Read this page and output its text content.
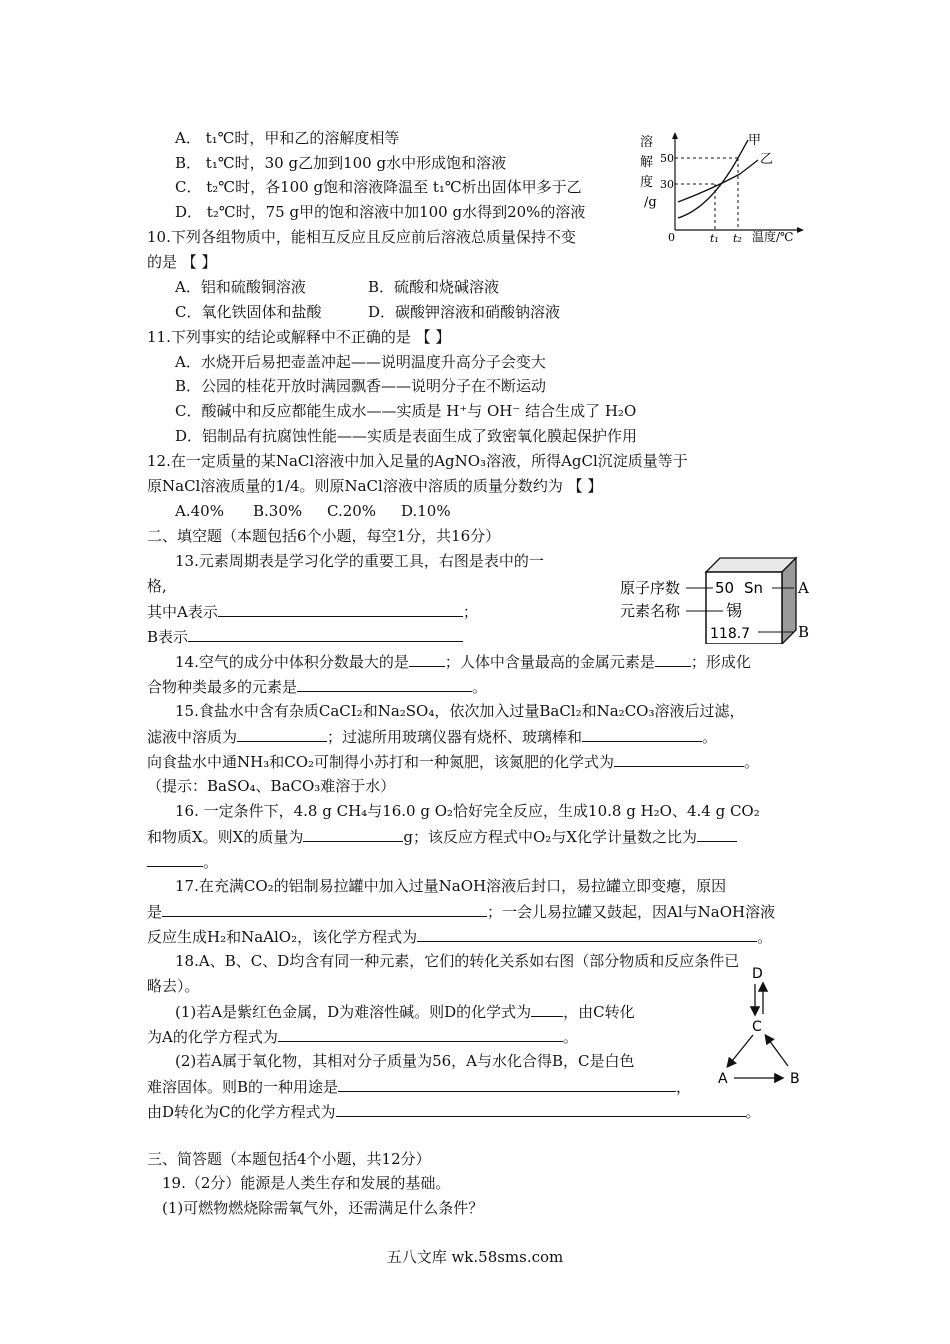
A． t₁℃时，甲和乙的溶解度相等
B． t₁℃时，30 g乙加到100 g水中形成饱和溶液
C． t₂℃时，各100 g饱和溶液降温至 t₁℃析出固体甲多于乙
D． t₂℃时，75 g甲的饱和溶液中加100 g水得到20%的溶液
溶
解
度
/g
50
30
0	t₁ t₂ 温度/℃
甲
乙
10.下列各组物质中，能相互反应且反应前后溶液总质量保持不变
的是 【 】
A．铝和硫酸铜溶液	B．硫酸和烧碱溶液
C．氧化铁固体和盐酸	D．碳酸钾溶液和硝酸钠溶液
11.下列事实的结论或解释中不正确的是 【 】
A．水烧开后易把壶盖冲起——说明温度升高分子会变大
B．公园的桂花开放时满园飘香——说明分子在不断运动
C．酸碱中和反应都能生成水——实质是 H⁺与 OH⁻ 结合生成了 H₂O
D．铝制品有抗腐蚀性能——实质是表面生成了致密氧化膜起保护作用
12.在一定质量的某NaCl溶液中加入足量的AgNO₃溶液，所得AgCl沉淀质量等于
原NaCl溶液质量的1/4。则原NaCl溶液中溶质的质量分数约为 【 】
A.40% B.30% C.20% D.10%
二、填空题（本题包括6个小题，每空1分，共16分）
13.元素周期表是学习化学的重要工具，右图是表中的一
格,
其中A表示	；
B表示
原子序数
元素名称
50 Sn
锡
118.7
A
B
14.空气的成分中体积分数最大的是 ；人体中含量最高的金属元素是 ；形成化
合物种类最多的元素是	。
15.食盐水中含有杂质CaCI₂和Na₂SO₄，依次加入过量BaCl₂和Na₂CO₃溶液后过滤，
滤液中溶质为	；过滤所用玻璃仪器有烧杯、玻璃棒和	。
向食盐水中通NH₃和CO₂可制得小苏打和一种氮肥，该氮肥的化学式为	。
（提示：BaSO₄、BaCO₃难溶于水）
16. 一定条件下，4.8 g CH₄与16.0 g O₂恰好完全反应，生成10.8 g H₂O、4.4 g CO₂
和物质X。则X的质量为	g；该反应方程式中O₂与X化学计量数之比为
。
17.在充满CO₂的铝制易拉罐中加入过量NaOH溶液后封口，易拉罐立即变瘪，原因
是	；一会儿易拉罐又鼓起，因Al与NaOH溶液
反应生成H₂和NaAlO₂，该化学方程式为	。
18.A、B、C、D均含有同一种元素，它们的转化关系如右图（部分物质和反应条件已
略去）。
(1)若A是紫红色金属，D为难溶性碱。则D的化学式为 ，由C转化
为A的化学方程式为	。
(2)若A属于氧化物，其相对分子质量为56，A与水化合得B，C是白色
难溶固体。则B的一种用途是	，
由D转化为C的化学方程式为	。
D
C
A	B
三、简答题（本题包括4个小题，共12分）
19.（2分）能源是人类生存和发展的基础。
(1)可燃物燃烧除需氧气外，还需满足什么条件？
五八文库 wk.58sms.com
